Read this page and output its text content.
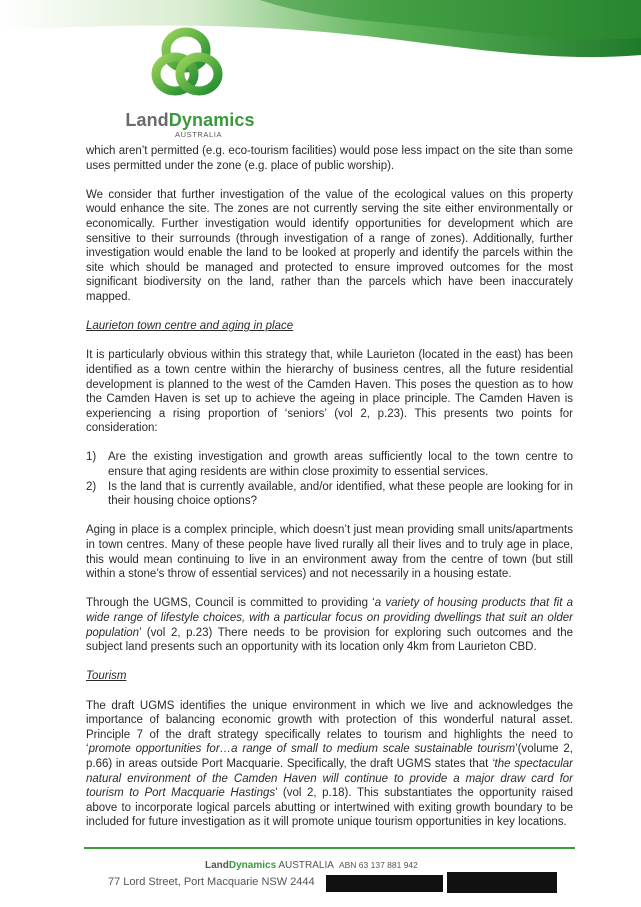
LandDynamics
AUSTRALIA

which aren’t permitted (e.g. eco-tourism facilities) would pose less impact on the site than some uses permitted under the zone (e.g. place of public worship).

We consider that further investigation of the value of the ecological values on this property would enhance the site. The zones are not currently serving the site either environmentally or economically. Further investigation would identify opportunities for development which are sensitive to their surrounds (through investigation of a range of zones). Additionally, further investigation would enable the land to be looked at properly and identify the parcels within the site which should be managed and protected to ensure improved outcomes for the most significant biodiversity on the land, rather than the parcels which have been inaccurately mapped.

Laurieton town centre and aging in place

It is particularly obvious within this strategy that, while Laurieton (located in the east) has been identified as a town centre within the hierarchy of business centres, all the future residential development is planned to the west of the Camden Haven. This poses the question as to how the Camden Haven is set up to achieve the ageing in place principle. The Camden Haven is experiencing a rising proportion of ‘seniors’ (vol 2, p.23). This presents two points for consideration:

1)	Are the existing investigation and growth areas sufficiently local to the town centre to ensure that aging residents are within close proximity to essential services.
2)	Is the land that is currently available, and/or identified, what these people are looking for in their housing choice options?

Aging in place is a complex principle, which doesn’t just mean providing small units/apartments in town centres. Many of these people have lived rurally all their lives and to truly age in place, this would mean continuing to live in an environment away from the centre of town (but still within a stone’s throw of essential services) and not necessarily in a housing estate.

Through the UGMS, Council is committed to providing ‘a variety of housing products that fit a wide range of lifestyle choices, with a particular focus on providing dwellings that suit an older population’ (vol 2, p.23) There needs to be provision for exploring such outcomes and the subject land presents such an opportunity with its location only 4km from Laurieton CBD.

Tourism

The draft UGMS identifies the unique environment in which we live and acknowledges the importance of balancing economic growth with protection of this wonderful natural asset. Principle 7 of the draft strategy specifically relates to tourism and highlights the need to ‘promote opportunities for…a range of small to medium scale sustainable tourism’(volume 2, p.66) in areas outside Port Macquarie. Specifically, the draft UGMS states that ‘the spectacular natural environment of the Camden Haven will continue to provide a major draw card for tourism to Port Macquarie Hastings’ (vol 2, p.18). This substantiates the opportunity raised above to incorporate logical parcels abutting or intertwined with exiting growth boundary to be included for future investigation as it will promote unique tourism opportunities in key locations.

LandDynamics AUSTRALIA ABN 63 137 881 942
77 Lord Street, Port Macquarie NSW 2444
